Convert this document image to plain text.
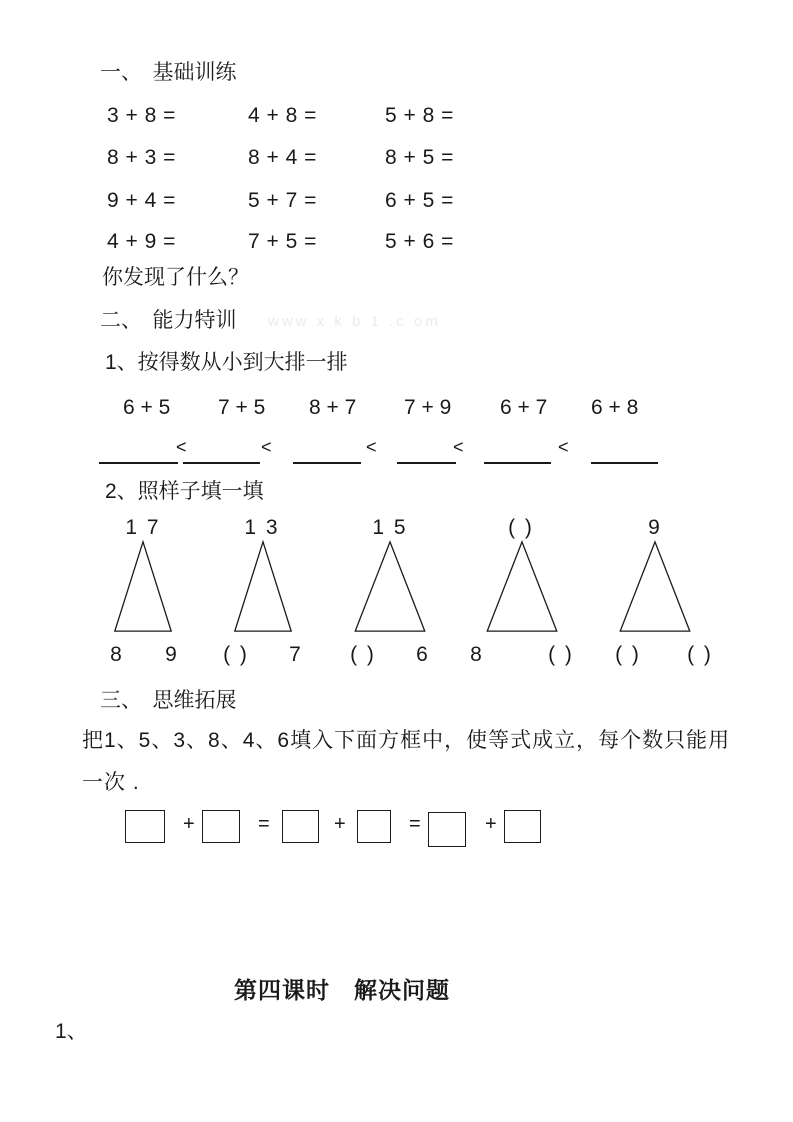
一、　基础训练
3 + 8 =	4 + 8 =	5 + 8 =
8 + 3 =	8 + 4 =	8 + 5 =
9 + 4 =	5 + 7 =	6 + 5 =
4 + 9 =	7 + 5 =	5 + 6 =
你发现了什么？
二、　能力特训 www x k b 1 .c om
1、按得数从小到大排一排
6 + 5 7 + 5 8 + 7 7 + 9 6 + 7 6 + 8
<	<	<	<	<
2、照样子填一填
1 7	1 3	1 5	( )	9
8	9	( )	7	( )	6	8	( )	( )	( )
三、　思维拓展
把1、5、3、8、4、6填入下面方框中，使等式成立，每个数只能用
一次 .
+	=	+	=	+
第四课时　解决问题
1、
